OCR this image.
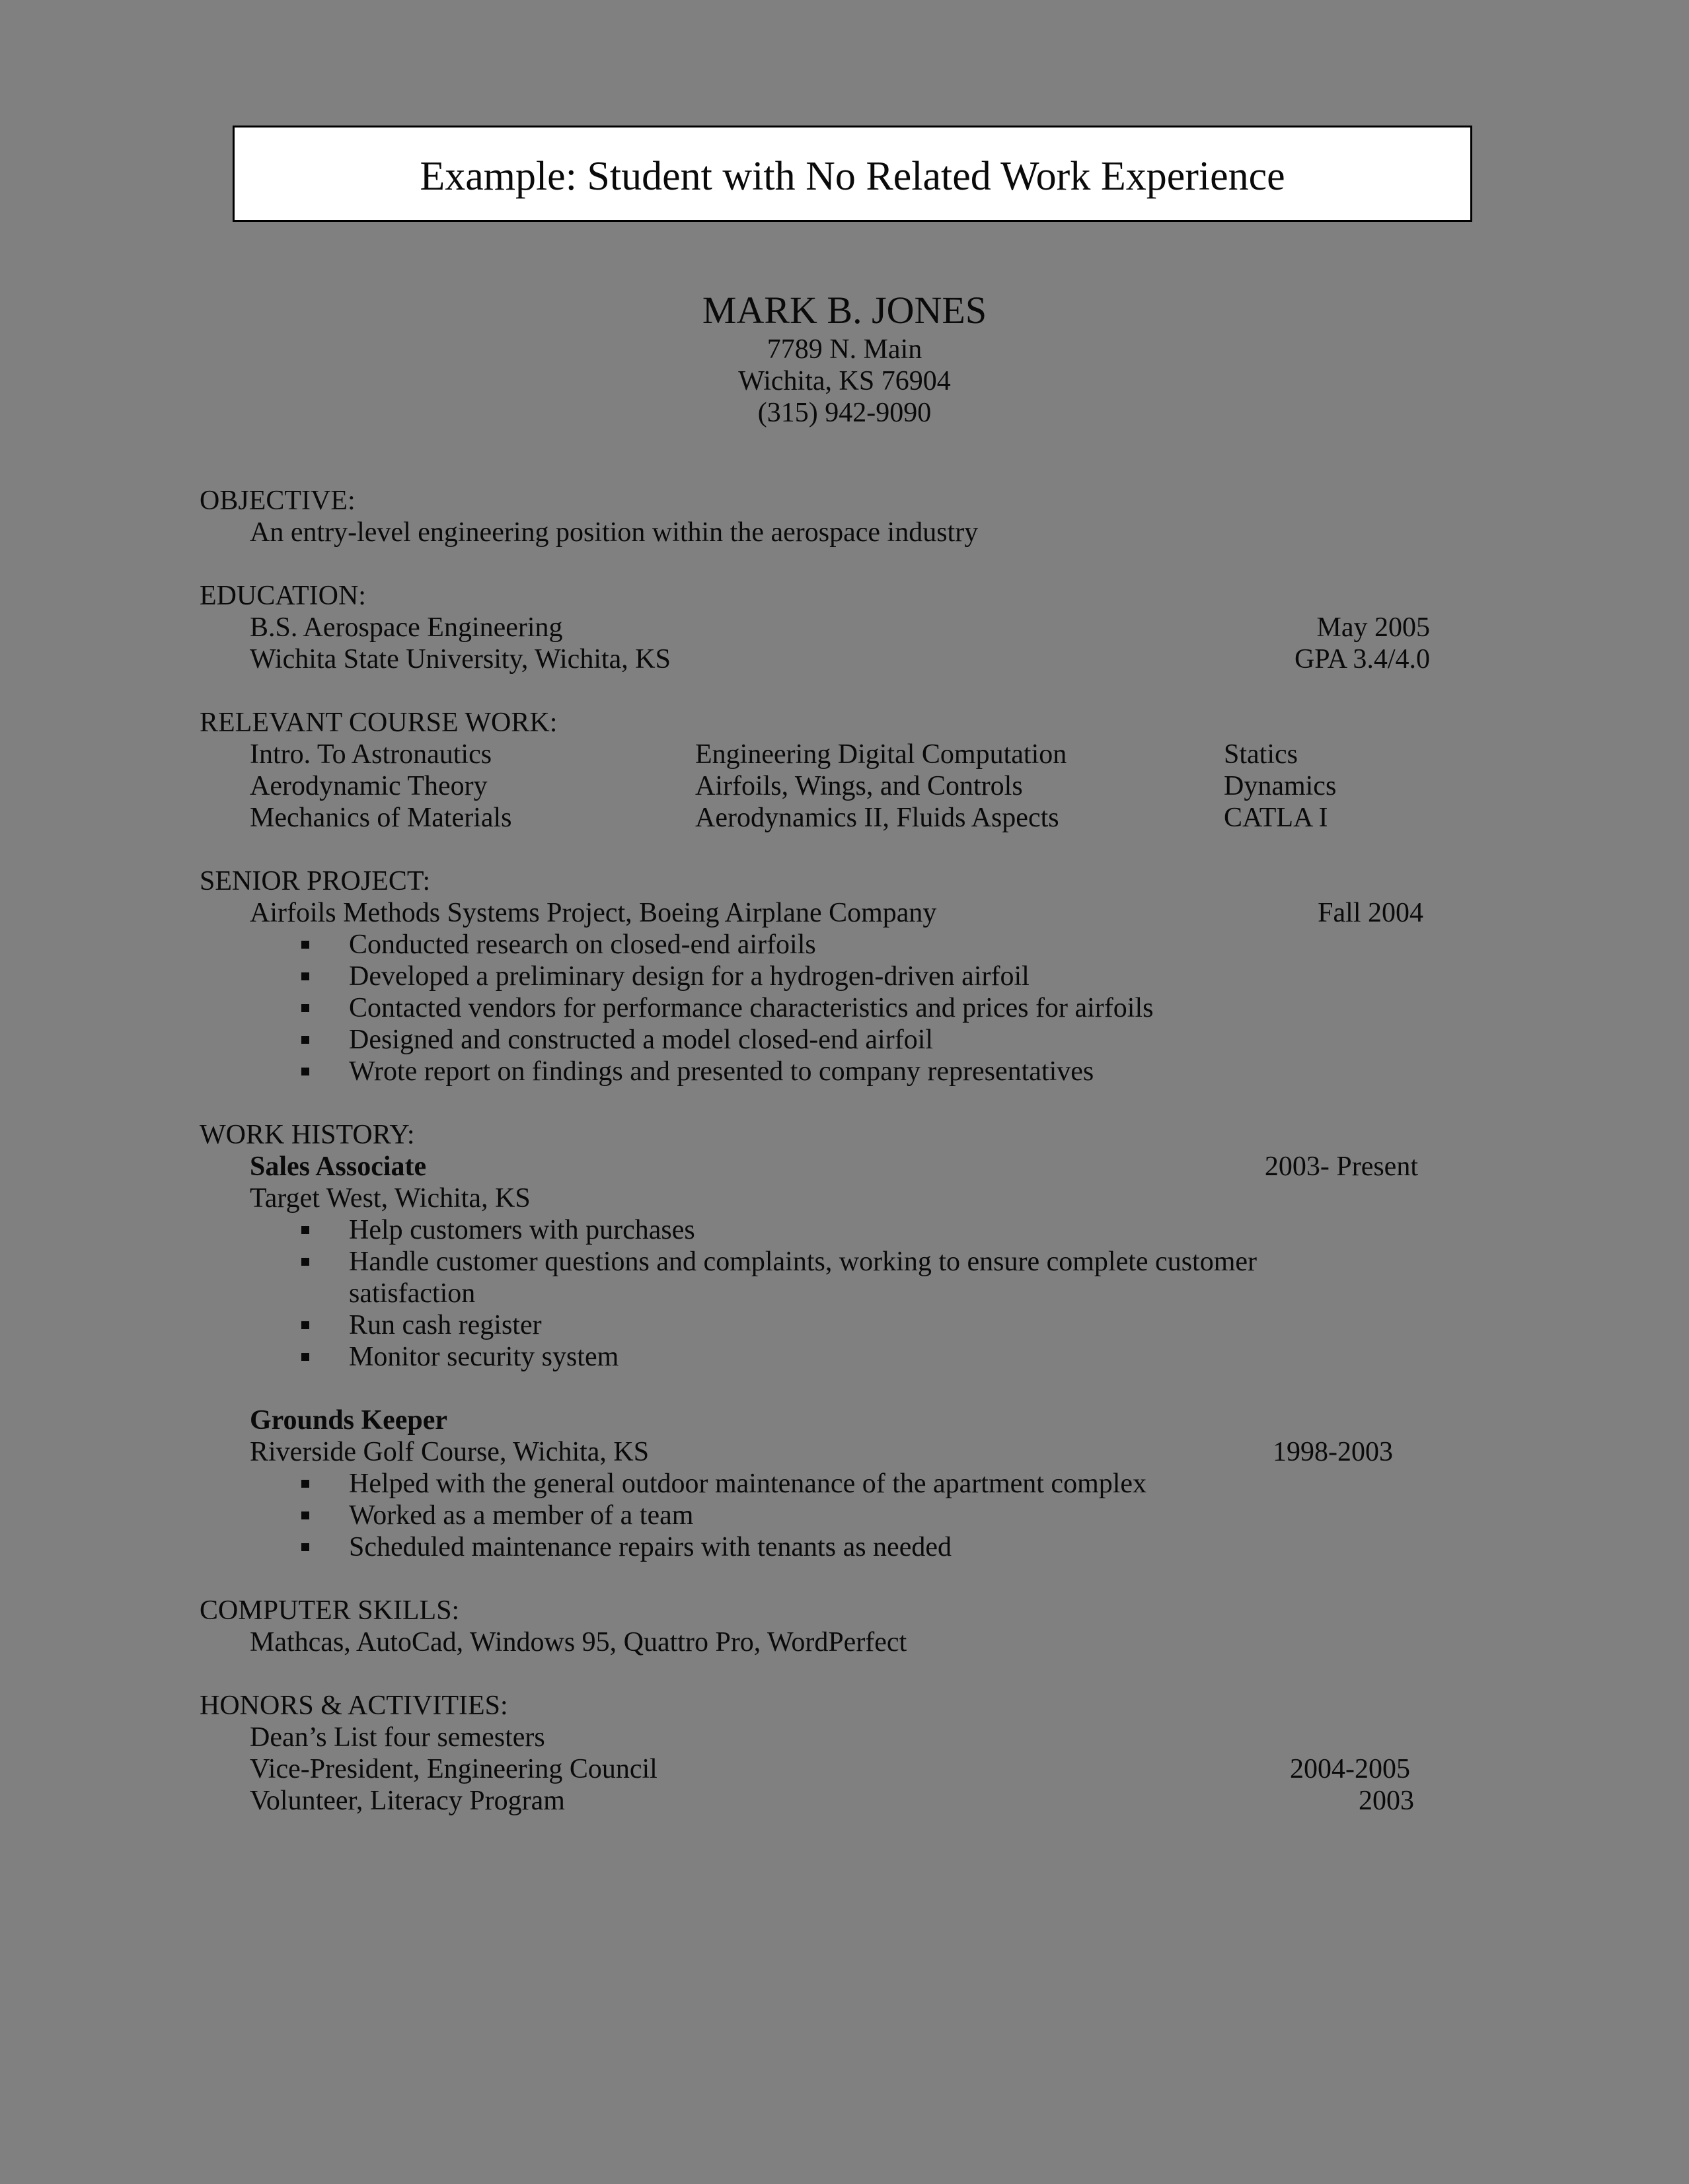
Example: Student with No Related Work Experience
MARK B. JONES
7789 N. Main
Wichita, KS 76904
(315) 942-9090
OBJECTIVE:
An entry-level engineering position within the aerospace industry
EDUCATION:
B.S. Aerospace Engineering	May 2005
Wichita State University, Wichita, KS	GPA 3.4/4.0
RELEVANT COURSE WORK:
Intro. To Astronautics	Engineering Digital Computation	Statics
Aerodynamic Theory	Airfoils, Wings, and Controls	Dynamics
Mechanics of Materials	Aerodynamics II, Fluids Aspects	CATLA I
SENIOR PROJECT:
Airfoils Methods Systems Project, Boeing Airplane Company	Fall 2004
Conducted research on closed-end airfoils
Developed a preliminary design for a hydrogen-driven airfoil
Contacted vendors for performance characteristics and prices for airfoils
Designed and constructed a model closed-end airfoil
Wrote report on findings and presented to company representatives
WORK HISTORY:
Sales Associate	2003- Present
Target West, Wichita, KS
Help customers with purchases
Handle customer questions and complaints, working to ensure complete customer
satisfaction
Run cash register
Monitor security system
Grounds Keeper
Riverside Golf Course, Wichita, KS	1998-2003
Helped with the general outdoor maintenance of the apartment complex
Worked as a member of a team
Scheduled maintenance repairs with tenants as needed
COMPUTER SKILLS:
Mathcas, AutoCad, Windows 95, Quattro Pro, WordPerfect
HONORS & ACTIVITIES:
Dean’s List four semesters
Vice-President, Engineering Council	2004-2005
Volunteer, Literacy Program	2003
